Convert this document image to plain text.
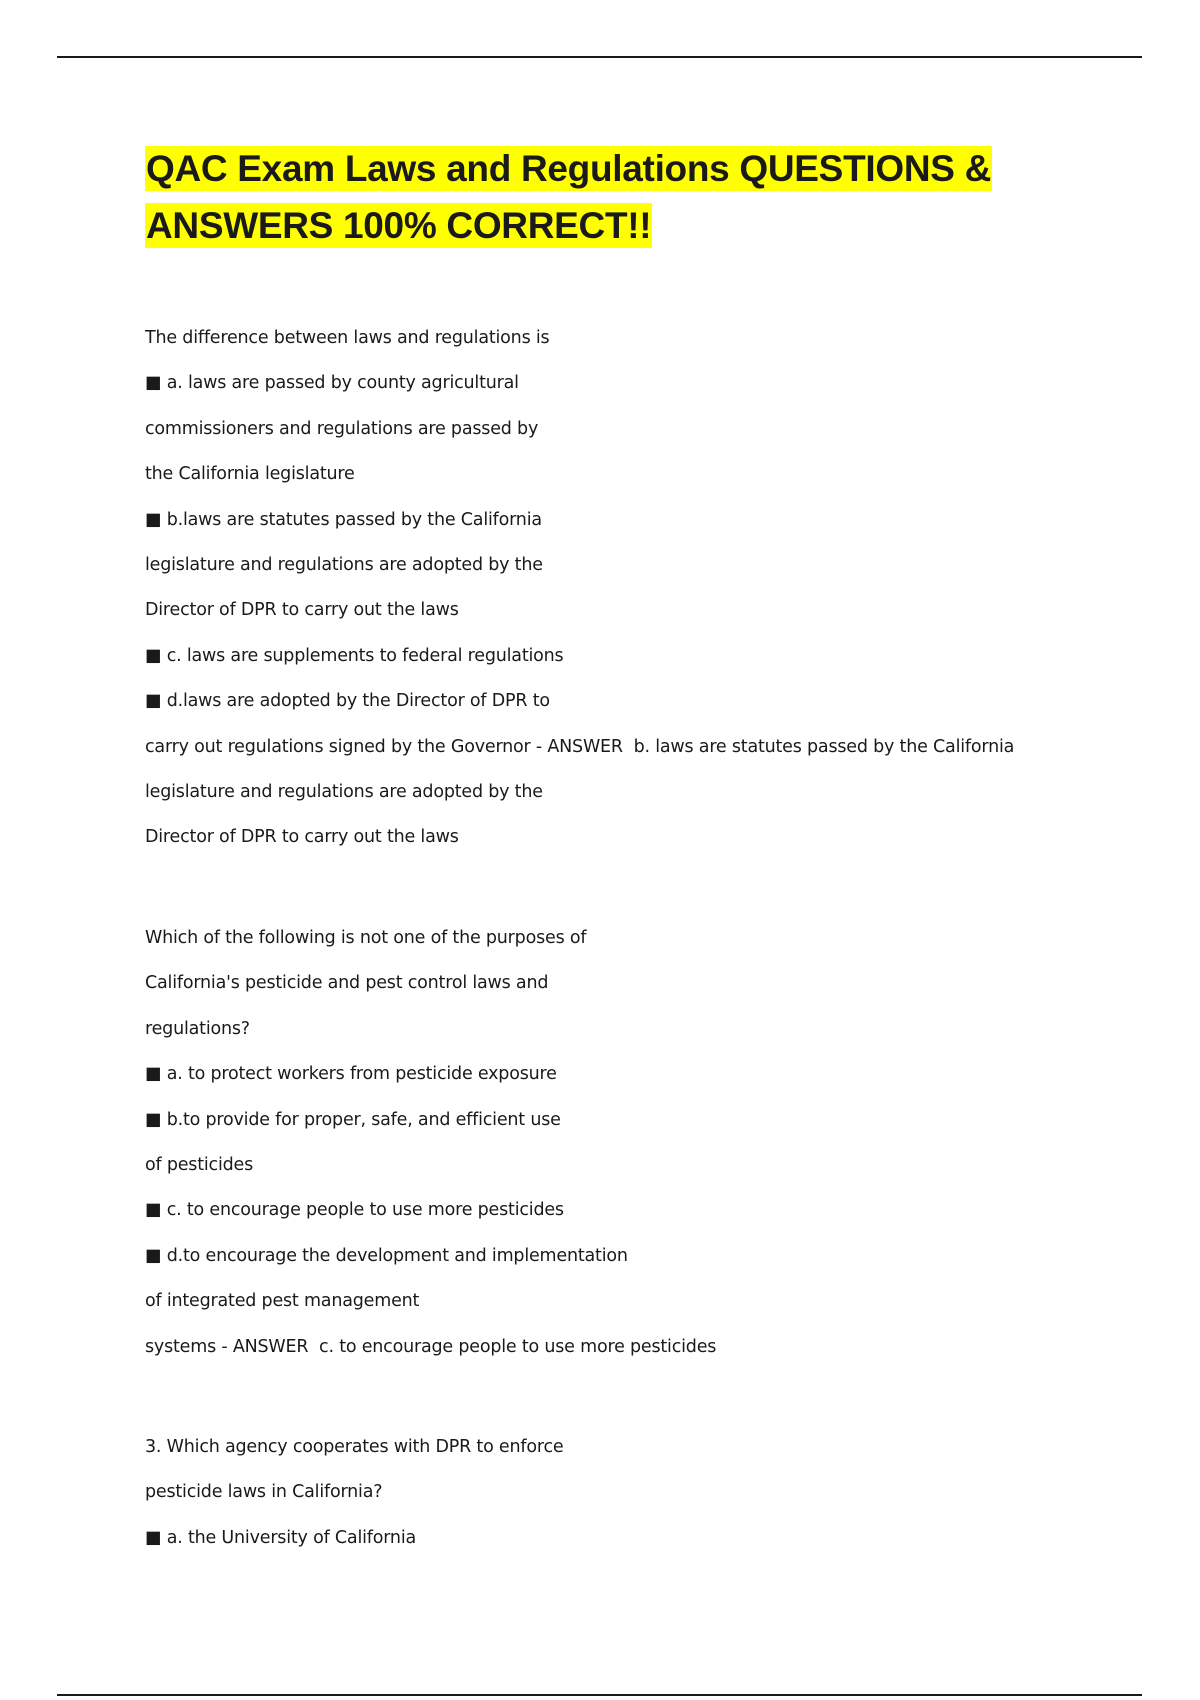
QAC Exam Laws and Regulations QUESTIONS &
ANSWERS 100% CORRECT!!
The difference between laws and regulations is
■ a. laws are passed by county agricultural
commissioners and regulations are passed by
the California legislature
■ b.laws are statutes passed by the California
legislature and regulations are adopted by the
Director of DPR to carry out the laws
■ c. laws are supplements to federal regulations
■ d.laws are adopted by the Director of DPR to
carry out regulations signed by the Governor - ANSWER  b. laws are statutes passed by the California
legislature and regulations are adopted by the
Director of DPR to carry out the laws
Which of the following is not one of the purposes of
California's pesticide and pest control laws and
regulations?
■ a. to protect workers from pesticide exposure
■ b.to provide for proper, safe, and efficient use
of pesticides
■ c. to encourage people to use more pesticides
■ d.to encourage the development and implementation
of integrated pest management
systems - ANSWER  c. to encourage people to use more pesticides
3. Which agency cooperates with DPR to enforce
pesticide laws in California?
■ a. the University of California
